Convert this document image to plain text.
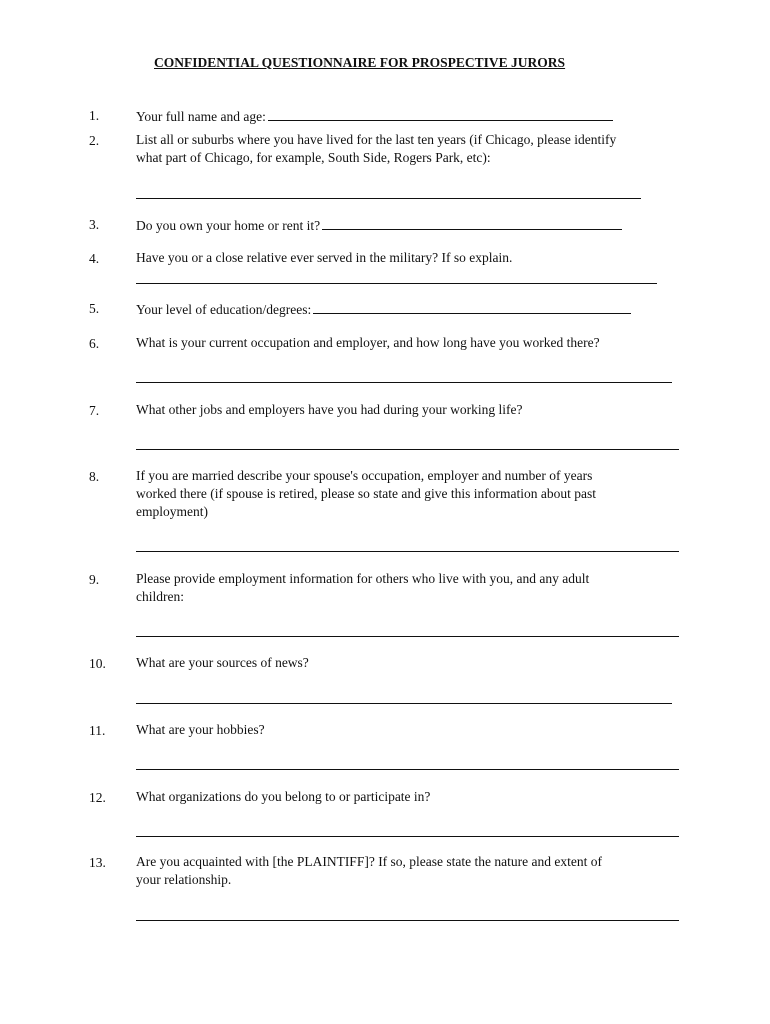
CONFIDENTIAL QUESTIONNAIRE FOR PROSPECTIVE JURORS
1.	Your full name and age:
2.	List all or suburbs where you have lived for the last ten years (if Chicago, please identify
what part of Chicago, for example, South Side, Rogers Park, etc):
3.	Do you own your home or rent it?
4.	Have you or a close relative ever served in the military? If so explain.
5.	Your level of education/degrees:
6.	What is your current occupation and employer, and how long have you worked there?
7.	What other jobs and employers have you had during your working life?
8.	If you are married describe your spouse's occupation, employer and number of years
worked there (if spouse is retired, please so state and give this information about past
employment)
9.	Please provide employment information for others who live with you, and any adult
children:
10. What are your sources of news?
11. What are your hobbies?
12. What organizations do you belong to or participate in?
13. Are you acquainted with [the PLAINTIFF]? If so, please state the nature and extent of
your relationship.
